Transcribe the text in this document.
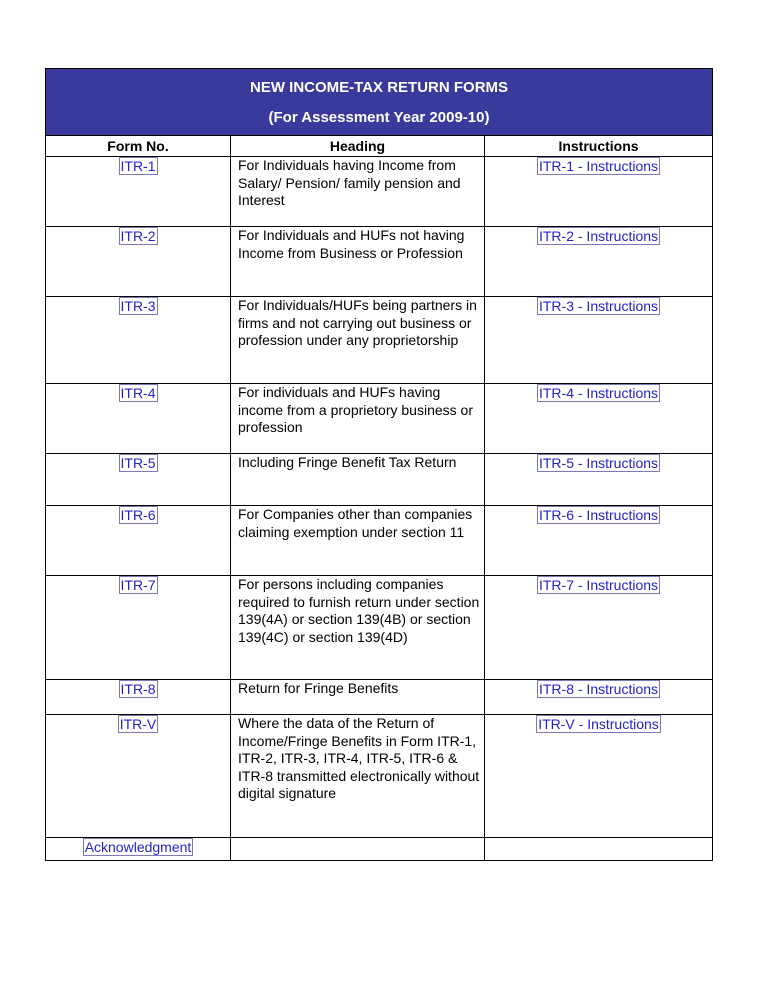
NEW INCOME-TAX RETURN FORMS
(For Assessment Year 2009-10)		

Form No.	Heading	Instructions
ITR-1	For Individuals having Income from Salary/ Pension/ family pension and Interest	ITR-1 - Instructions
ITR-2	For Individuals and HUFs not having Income from Business or Profession	ITR-2 - Instructions
ITR-3	For Individuals/HUFs being partners in firms and not carrying out business or profession under any proprietorship	ITR-3 - Instructions
ITR-4	For individuals and HUFs having income from a proprietory business or profession	ITR-4 - Instructions
ITR-5	Including Fringe Benefit Tax Return	ITR-5 - Instructions
ITR-6	For Companies other than companies claiming exemption under section 11	ITR-6 - Instructions
ITR-7	For persons including companies required to furnish return under section 139(4A) or section 139(4B) or section 139(4C) or section 139(4D)	ITR-7 - Instructions
ITR-8	Return for Fringe Benefits	ITR-8 - Instructions
ITR-V	Where the data of the Return of Income/Fringe Benefits in Form ITR-1, ITR-2, ITR-3, ITR-4, ITR-5, ITR-6 & ITR-8 transmitted electronically without digital signature	ITR-V - Instructions
Acknowledgment		
